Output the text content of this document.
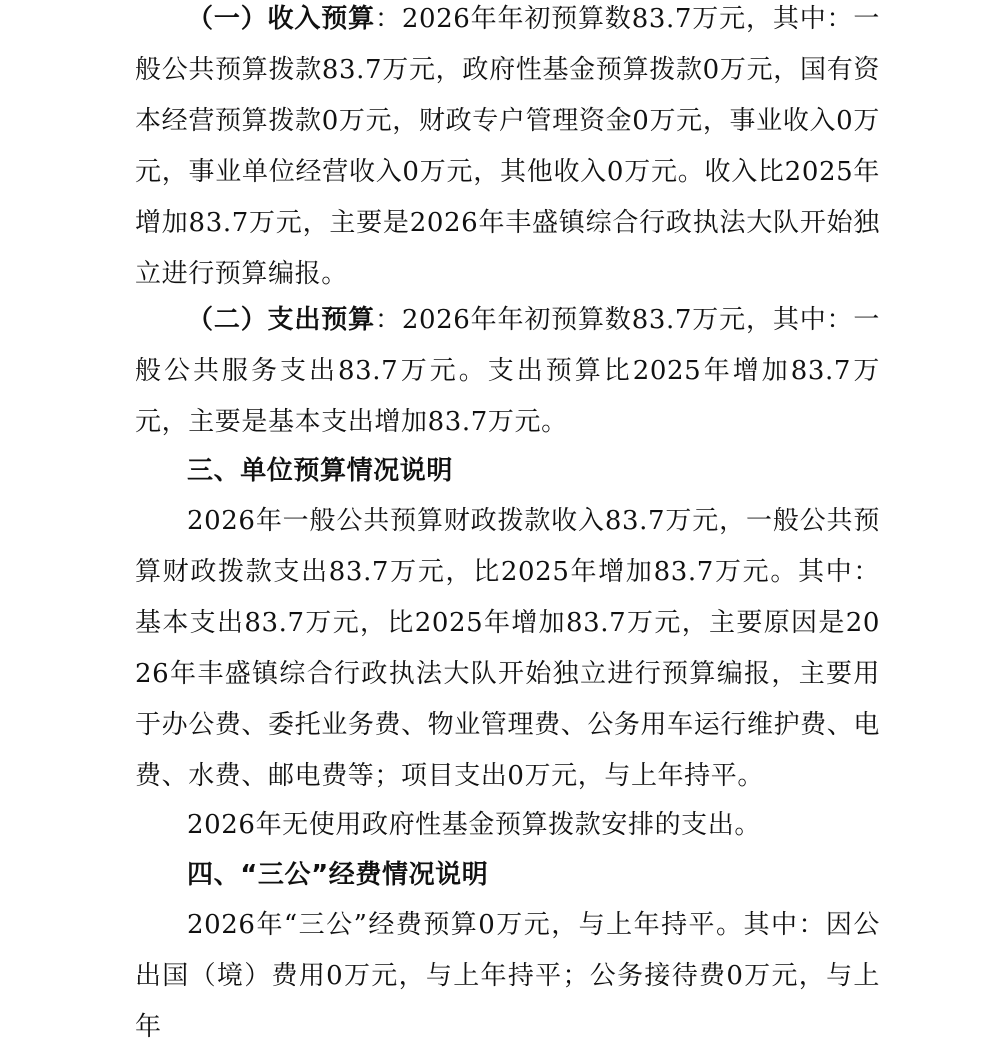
（一）收入预算：2026年年初预算数83.7万元，其中：一般公共预算拨款83.7万元，政府性基金预算拨款0万元，国有资本经营预算拨款0万元，财政专户管理资金0万元，事业收入0万元，事业单位经营收入0万元，其他收入0万元。收入比2025年增加83.7万元，主要是2026年丰盛镇综合行政执法大队开始独立进行预算编报。

（二）支出预算：2026年年初预算数83.7万元，其中：一般公共服务支出83.7万元。支出预算比2025年增加83.7万元，主要是基本支出增加83.7万元。

三、单位预算情况说明

2026年一般公共预算财政拨款收入83.7万元，一般公共预算财政拨款支出83.7万元，比2025年增加83.7万元。其中：基本支出83.7万元，比2025年增加83.7万元，主要原因是2026年丰盛镇综合行政执法大队开始独立进行预算编报，主要用于办公费、委托业务费、物业管理费、公务用车运行维护费、电费、水费、邮电费等；项目支出0万元，与上年持平。

2026年无使用政府性基金预算拨款安排的支出。

四、“三公”经费情况说明

2026年“三公”经费预算0万元，与上年持平。其中：因公出国（境）费用0万元，与上年持平；公务接待费0万元，与上年
